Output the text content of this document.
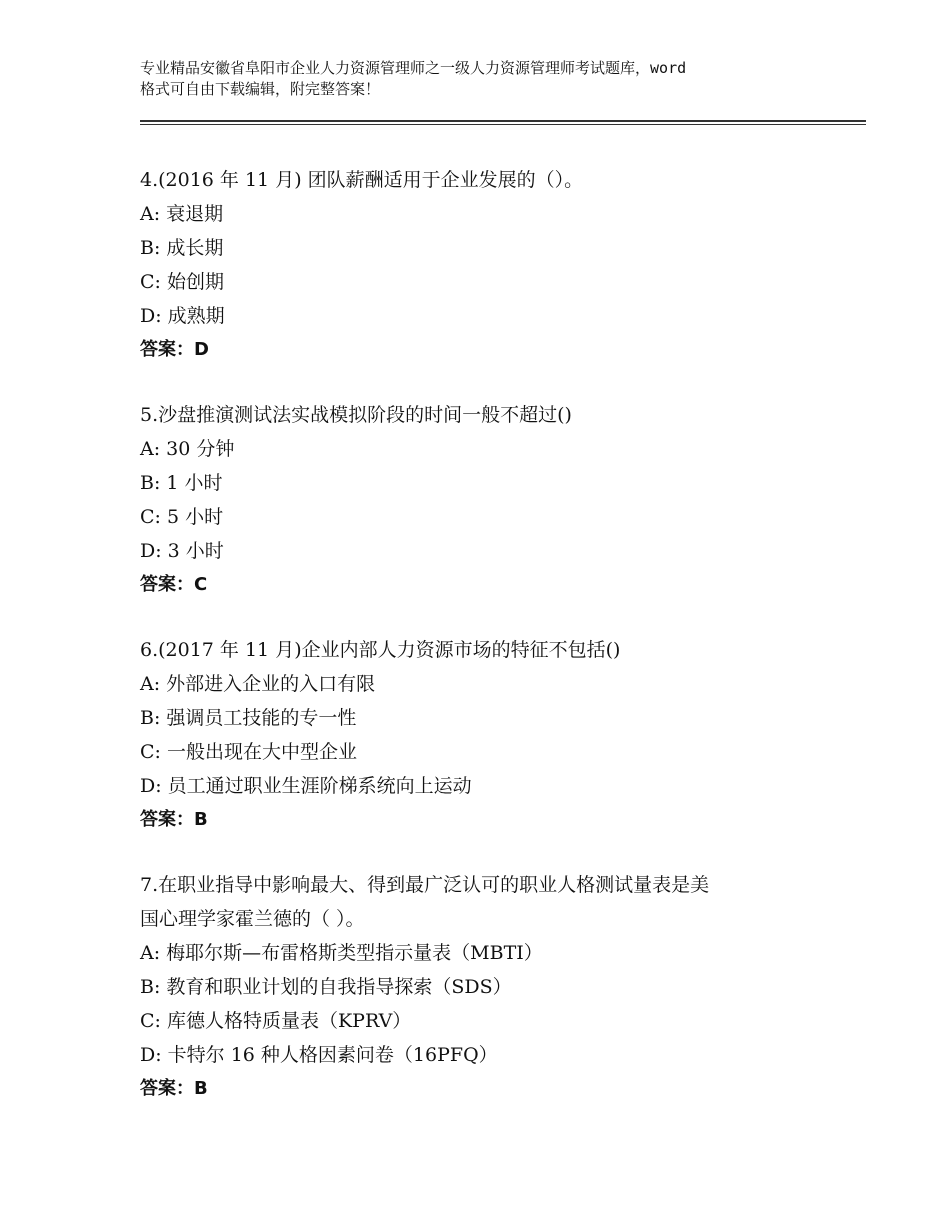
专业精品安徽省阜阳市企业人力资源管理师之一级人力资源管理师考试题库，word
格式可自由下载编辑，附完整答案！
4.(2016 年 11 月) 团队薪酬适用于企业发展的（）。
A: 衰退期
B: 成长期
C: 始创期
D: 成熟期
答案：D
5.沙盘推演测试法实战模拟阶段的时间一般不超过()
A: 30 分钟
B: 1 小时
C: 5 小时
D: 3 小时
答案：C
6.(2017 年 11 月)企业内部人力资源市场的特征不包括()
A: 外部进入企业的入口有限
B: 强调员工技能的专一性
C: 一般出现在大中型企业
D: 员工通过职业生涯阶梯系统向上运动
答案：B
7.在职业指导中影响最大、得到最广泛认可的职业人格测试量表是美
国心理学家霍兰德的（ ）。
A: 梅耶尔斯—布雷格斯类型指示量表（MBTI）
B: 教育和职业计划的自我指导探索（SDS）
C: 库德人格特质量表（KPRV）
D: 卡特尔 16 种人格因素问卷（16PFQ）
答案：B
